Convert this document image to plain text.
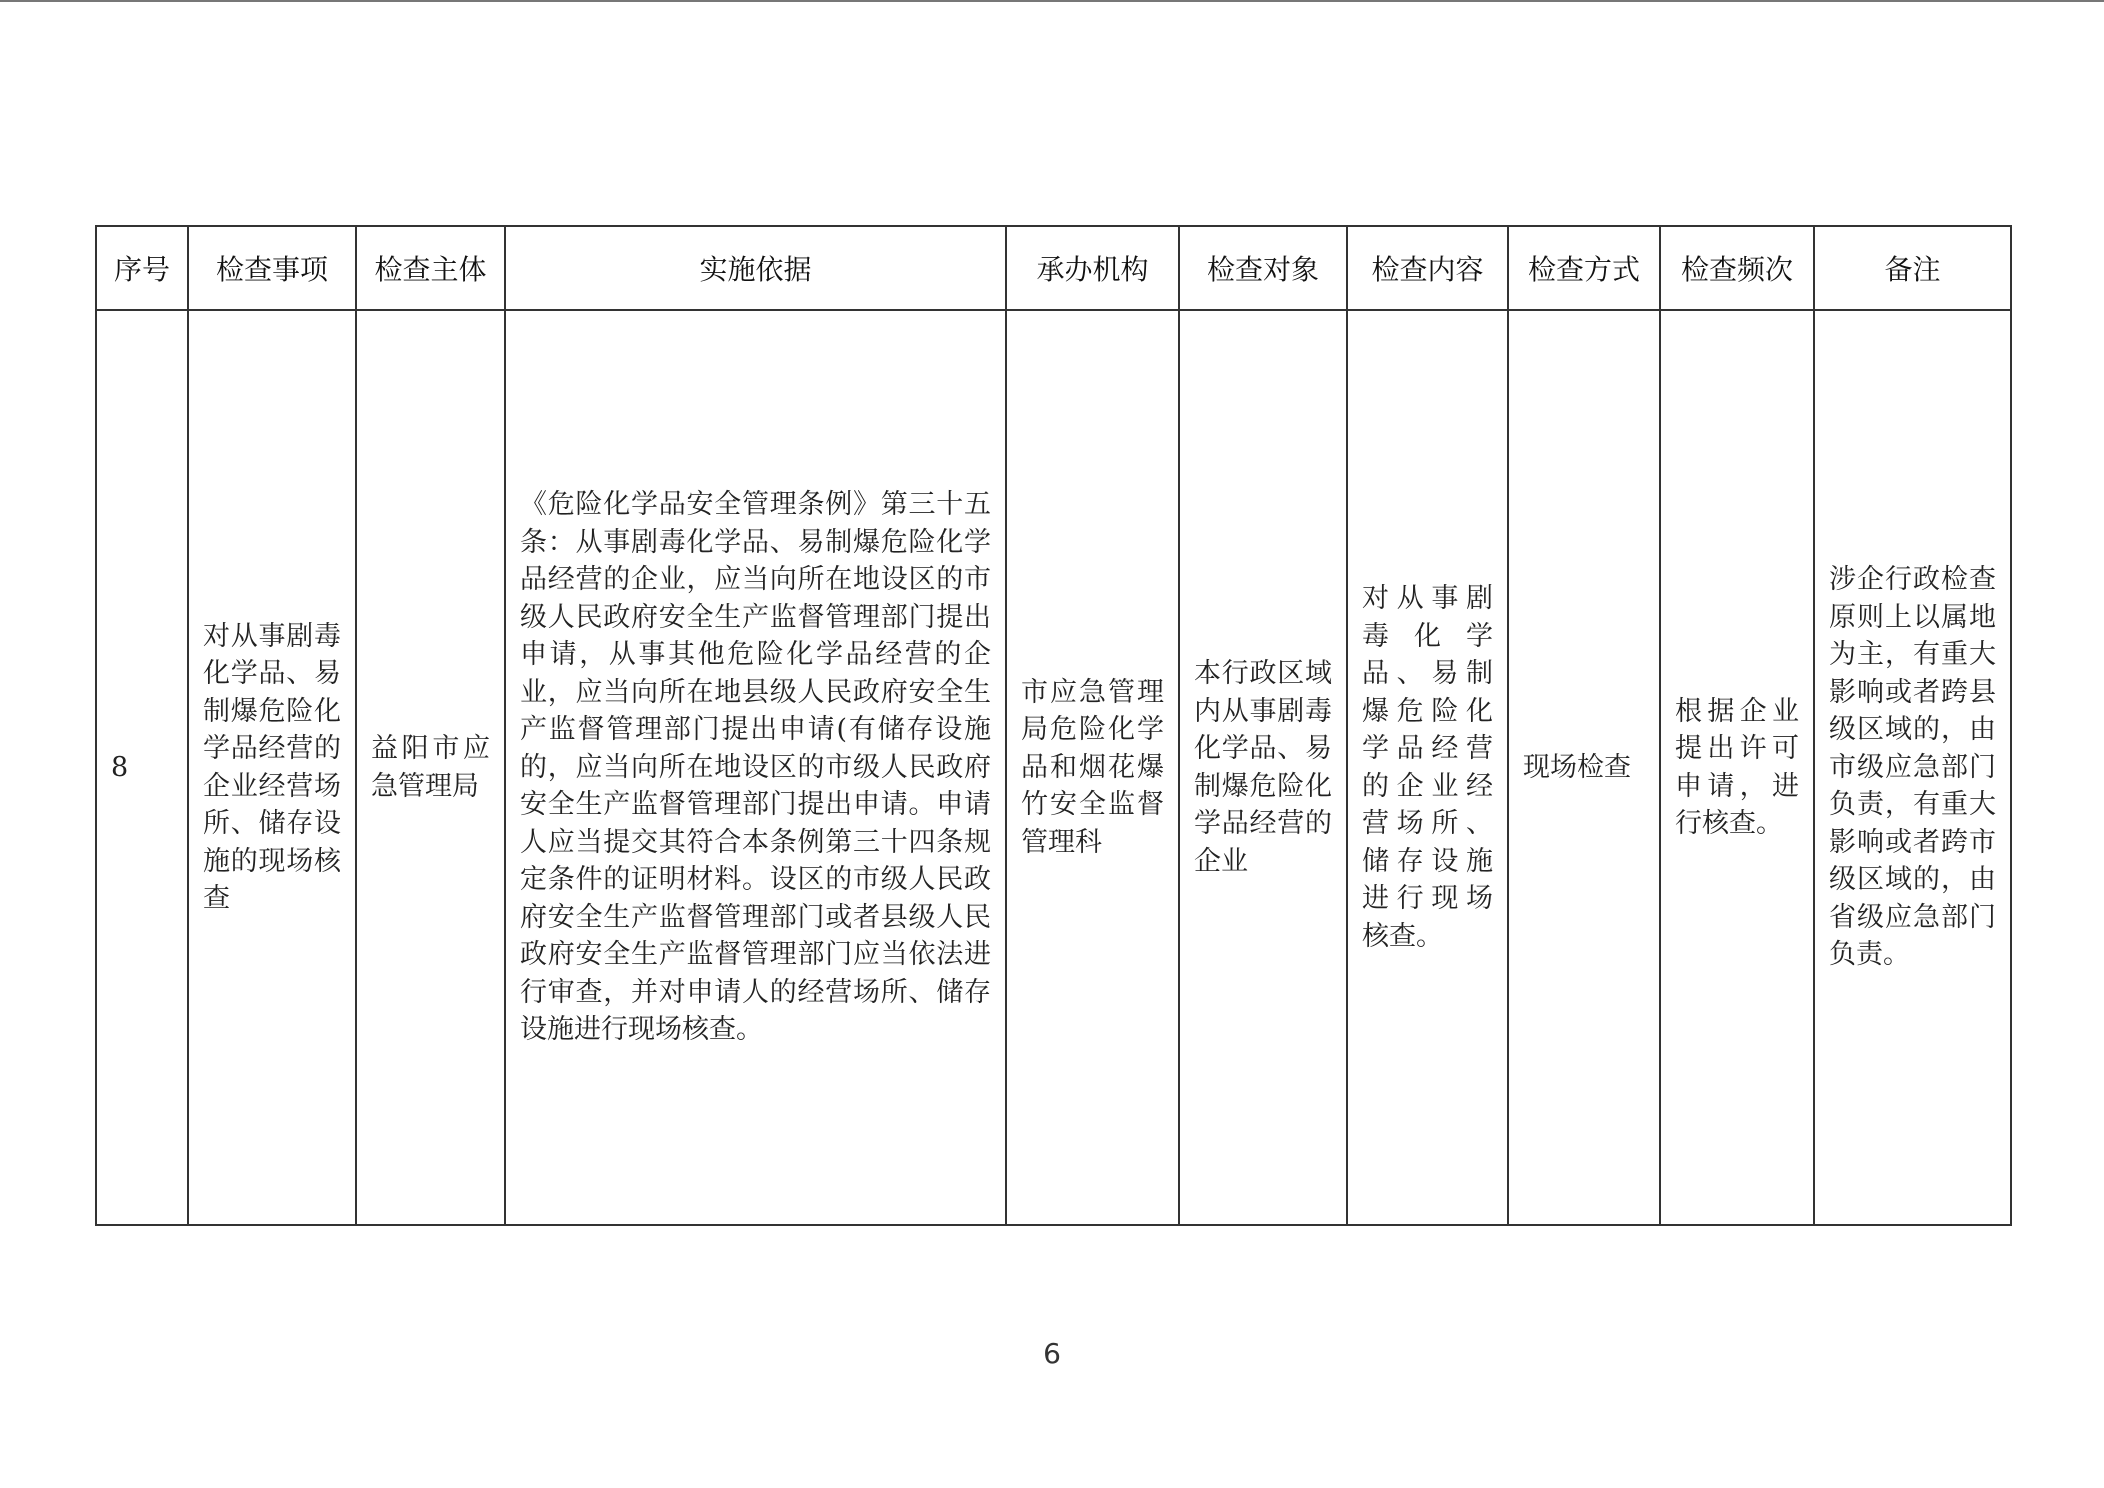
序号	检查事项	检查主体	实施依据	承办机构	检查对象	检查内容	检查方式	检查频次	备注
8	对从事剧毒化学品、易制爆危险化学品经营的企业经营场所、储存设施的现场核查	益阳市应急管理局	《危险化学品安全管理条例》第三十五条：从事剧毒化学品、易制爆危险化学品经营的企业，应当向所在地设区的市级人民政府安全生产监督管理部门提出申请，从事其他危险化学品经营的企业，应当向所在地县级人民政府安全生产监督管理部门提出申请(有储存设施的，应当向所在地设区的市级人民政府安全生产监督管理部门提出申请。申请人应当提交其符合本条例第三十四条规定条件的证明材料。设区的市级人民政府安全生产监督管理部门或者县级人民政府安全生产监督管理部门应当依法进行审查，并对申请人的经营场所、储存设施进行现场核查。	市应急管理局危险化学品和烟花爆竹安全监督管理科	本行政区域内从事剧毒化学品、易制爆危险化学品经营的企业	对从事剧毒化学品、易制爆危险化学品经营的企业经营场所、储存设施进行现场核查。	现场检查	根据企业提出许可申请，进行核查。	涉企行政检查原则上以属地为主，有重大影响或者跨县级区域的，由市级应急部门负责，有重大影响或者跨市级区域的，由省级应急部门负责。
6
